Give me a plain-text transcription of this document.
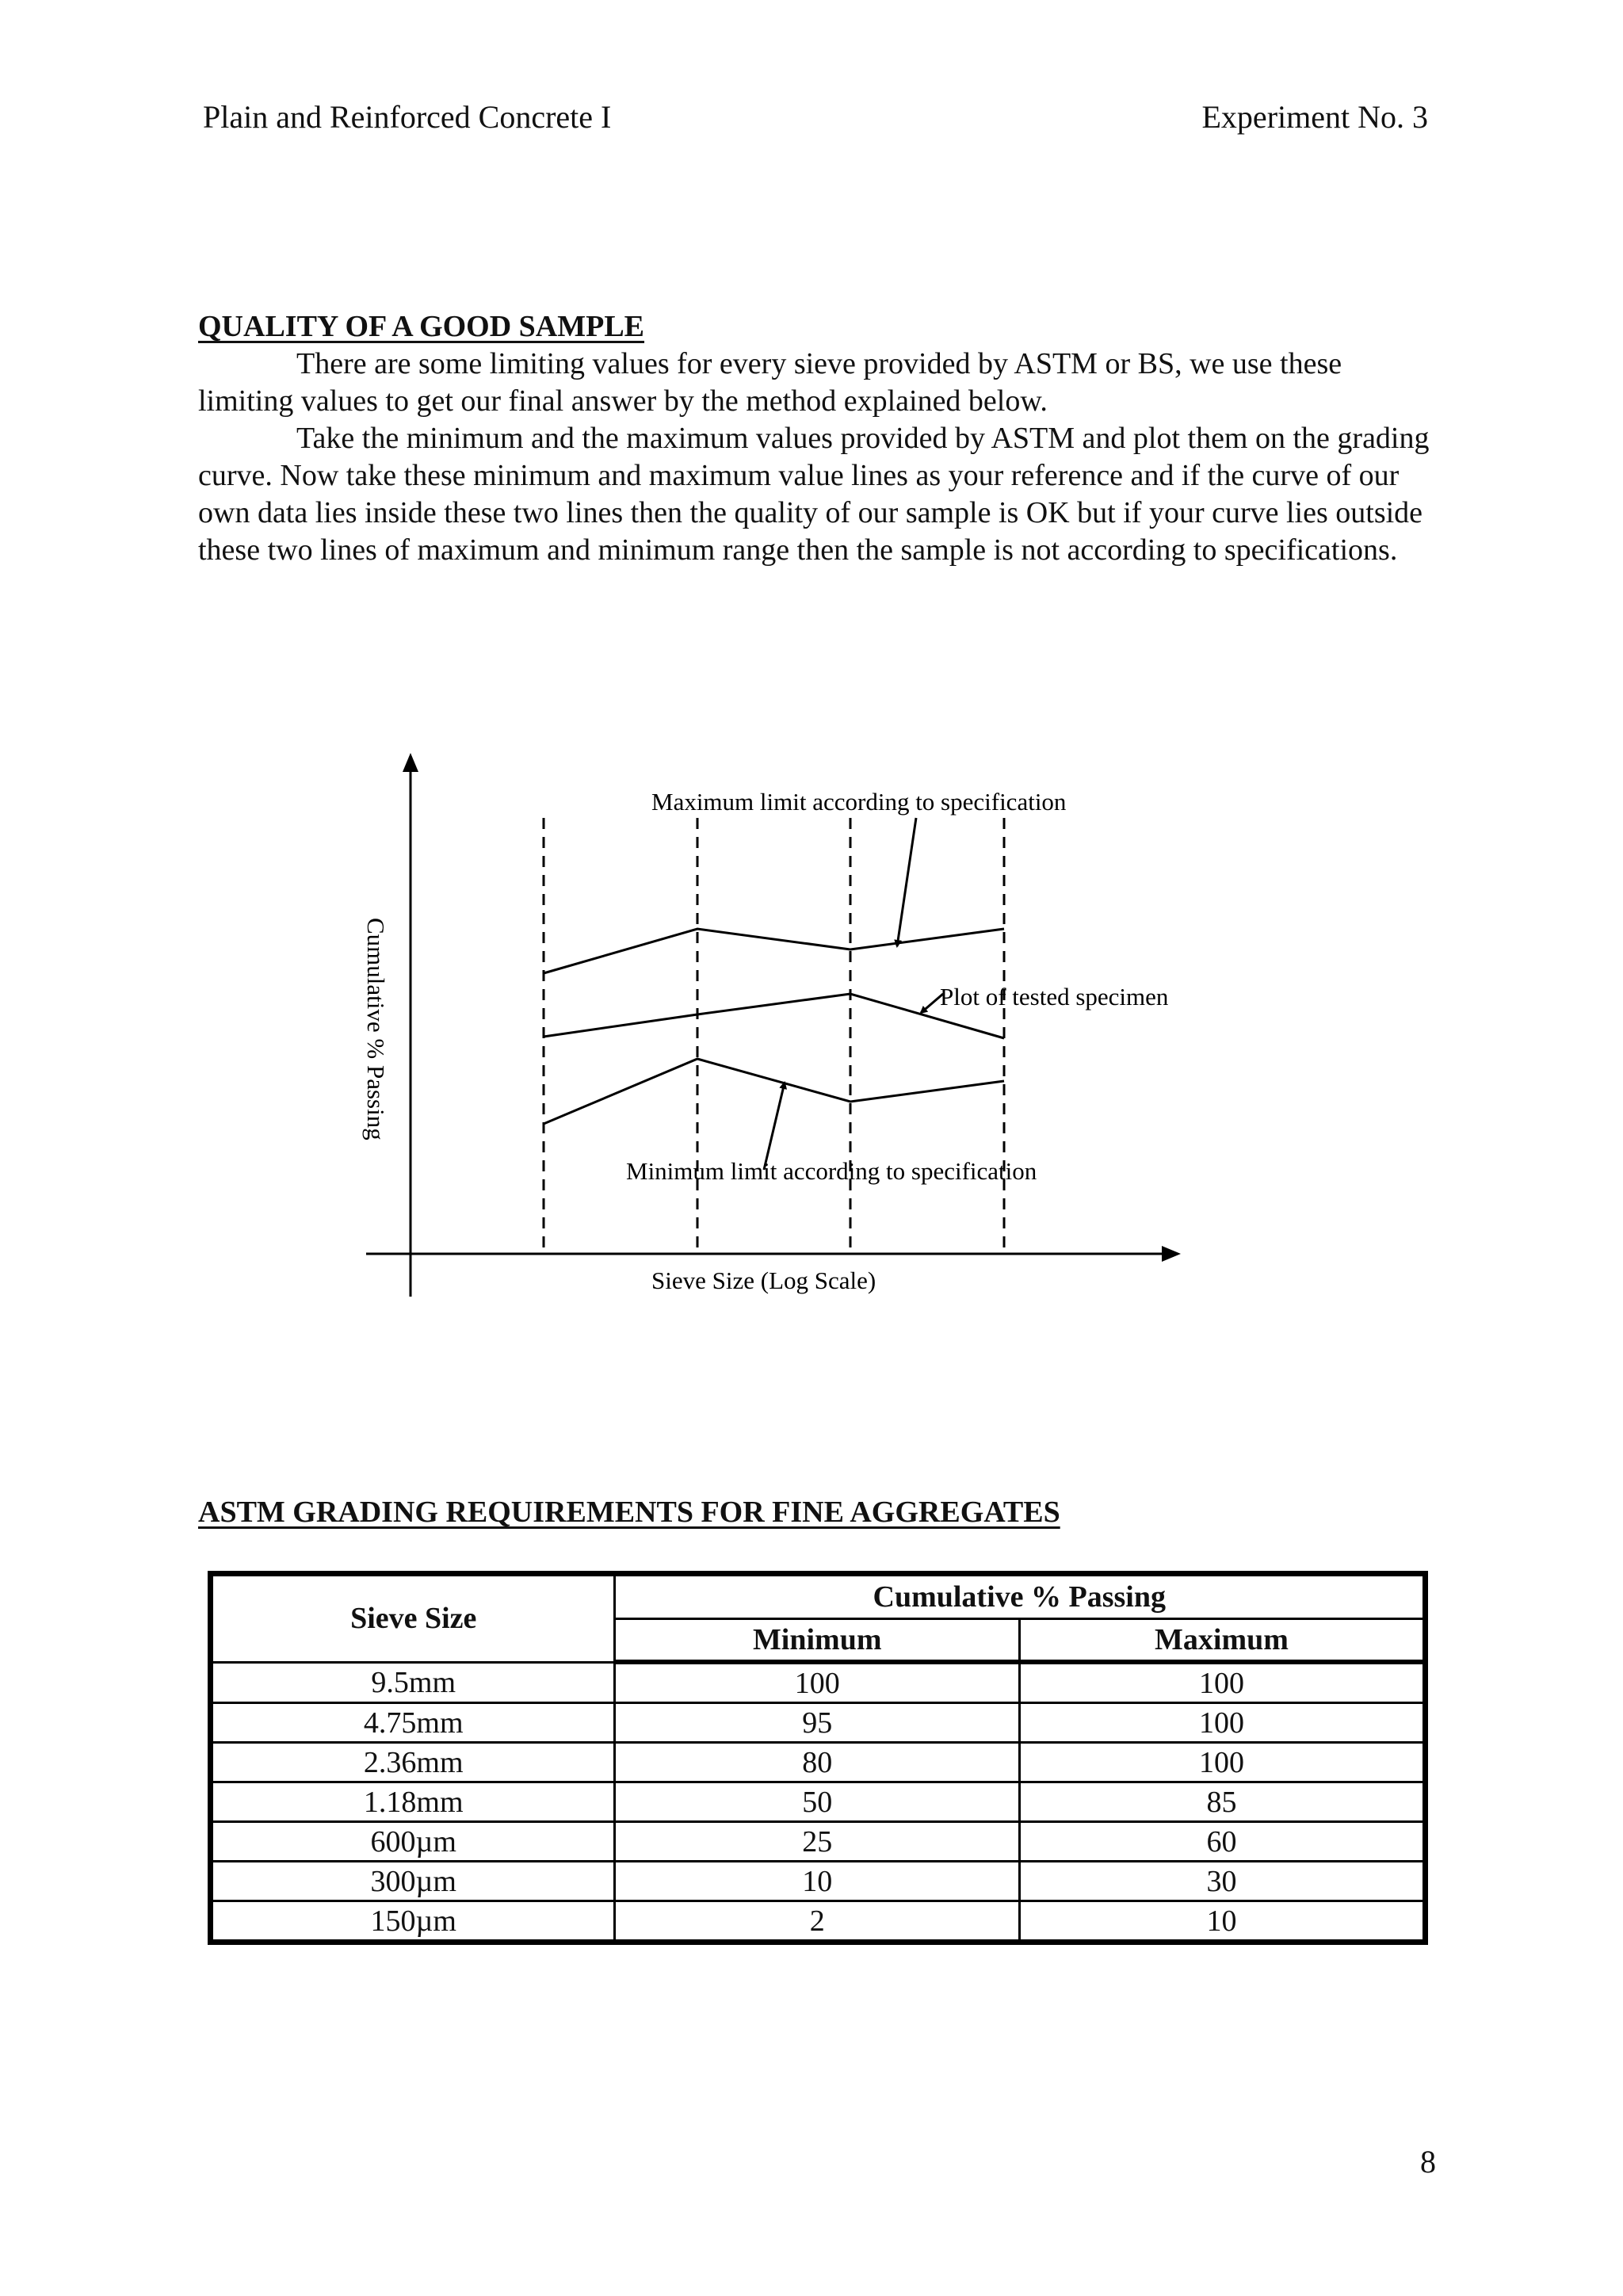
Plain and Reinforced Concrete I	Experiment No. 3
QUALITY OF A GOOD SAMPLE

There are some limiting values for every sieve provided by ASTM or BS, we use these limiting values to get our final answer by the method explained below.

Take the minimum and the maximum values provided by ASTM and plot them on the grading curve. Now take these minimum and maximum value lines as your reference and if the curve of our own data lies inside these two lines then the quality of our sample is OK but if your curve lies outside these two lines of maximum and minimum range then the sample is not according to specifications.

Maximum limit according to specification
Plot of tested specimen
Minimum limit according to specification
Sieve Size (Log Scale)
Cumulative % Passing
ASTM GRADING REQUIREMENTS FOR FINE AGGREGATES
Sieve Size	Cumulative % Passing	
	Minimum	Maximum
9.5mm	100	100
4.75mm	95	100
2.36mm	80	100
1.18mm	50	85
600µm	25	60
300µm	10	30
150µm	2	10
8
